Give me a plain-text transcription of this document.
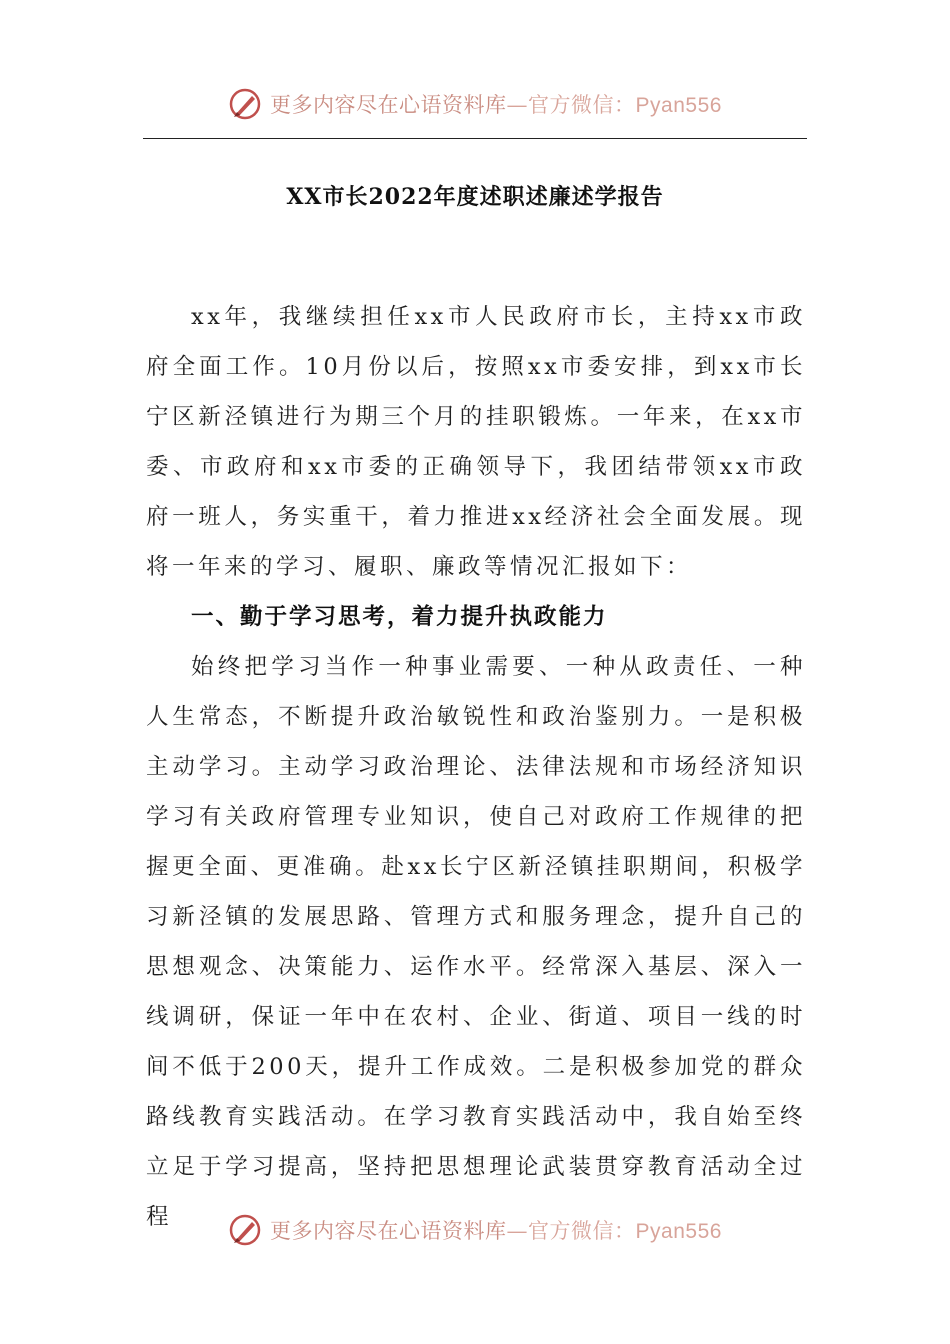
更多内容尽在心语资料库—官方微信：Pyan556
XX市长2022年度述职述廉述学报告

xx年，我继续担任xx市人民政府市长，主持xx市政府全面工作。10月份以后，按照xx市委安排，到xx市长宁区新泾镇进行为期三个月的挂职锻炼。一年来，在xx市委、市政府和xx市委的正确领导下，我团结带领xx市政府一班人，务实重干，着力推进xx经济社会全面发展。现将一年来的学习、履职、廉政等情况汇报如下：

一、勤于学习思考，着力提升执政能力

始终把学习当作一种事业需要、一种从政责任、一种人生常态，不断提升政治敏锐性和政治鉴别力。一是积极主动学习。主动学习政治理论、法律法规和市场经济知识学习有关政府管理专业知识，使自己对政府工作规律的把握更全面、更准确。赴xx长宁区新泾镇挂职期间，积极学习新泾镇的发展思路、管理方式和服务理念，提升自己的思想观念、决策能力、运作水平。经常深入基层、深入一线调研，保证一年中在农村、企业、街道、项目一线的时间不低于200天，提升工作成效。二是积极参加党的群众路线教育实践活动。在学习教育实践活动中，我自始至终立足于学习提高，坚持把思想理论武装贯穿教育活动全过程

更多内容尽在心语资料库—官方微信：Pyan556
